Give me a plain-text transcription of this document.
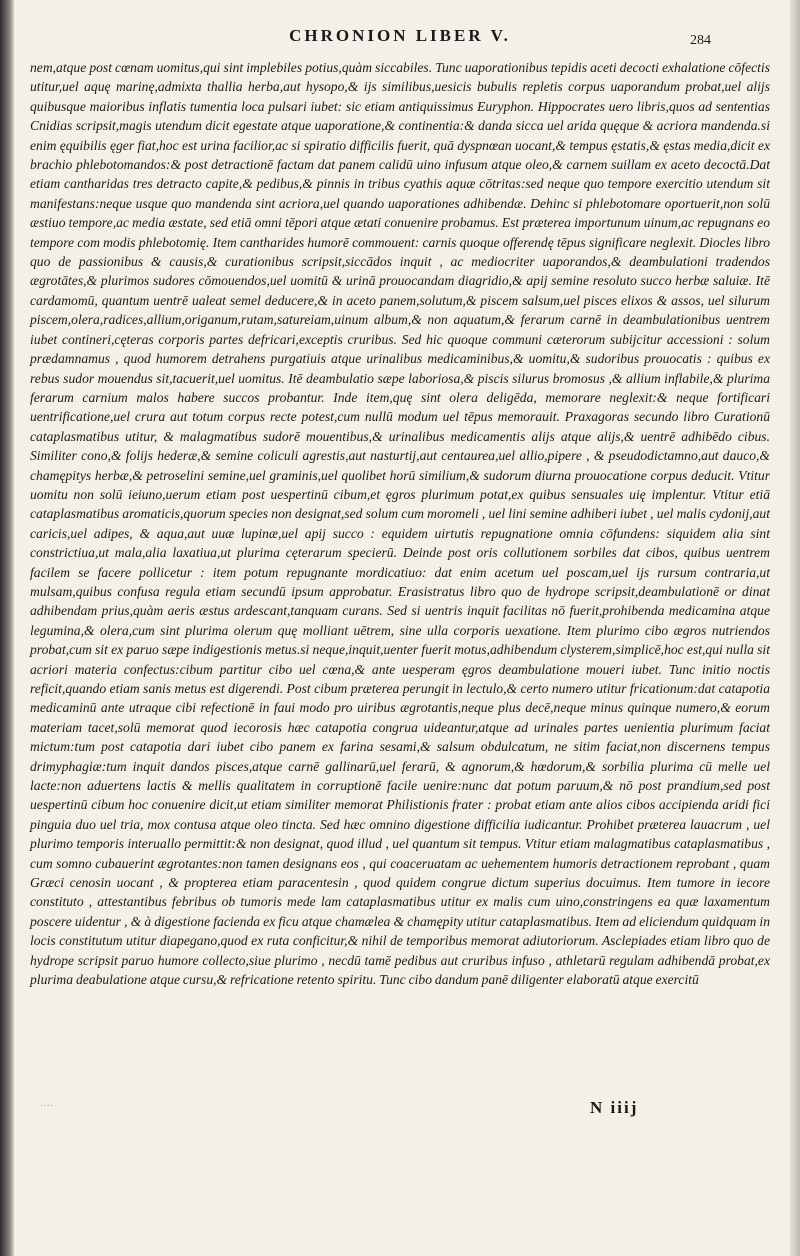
CHRONION LIBER V.	284
nem,atque post cœnam uomitus,qui sint implebiles potius,quàm siccabiles. Tunc uaporationibus tepidis aceti decocti exhalatione cōfectis utitur,uel aquę marinę,admixta thallia herba,aut hysopo,& ijs similibus,uesicis bubulis repletis corpus uaporandum probat,uel alijs quibusque maioribus inflatis tumentia loca pulsari iubet: sic etiam antiquissimus Euryphon. Hippocrates uero libris,quos ad sententias Cnidias scripsit,magis utendum dicit egestate atque uaporatione,& continentia:& danda sicca uel arida quęque & acriora mandenda.si enim ęquibilis ęger fiat,hoc est urina facilior,ac si spiratio difficilis fuerit, quā dyspnœan uocant,& tempus ęstatis,& ęstas media,dicit ex brachio phlebotomandos:& post detractionē factam dat panem calidū uino infusum atque oleo,& carnem suillam ex aceto decoctā.Dat etiam cantharidas tres detracto capite,& pedibus,& pinnis in tribus cyathis aquæ cōtritas:sed neque quo tempore exercitio utendum sit manifestans:neque usque quo mandenda sint acriora,uel quando uaporationes adhibendæ. Dehinc si phlebotomare oportuerit,non solū æstiuo tempore,ac media æstate, sed etiā omni tēpori atque ætati conuenire probamus. Est præterea importunum uinum,ac repugnans eo tempore com modis phlebotomię. Item cantharides humorē commouent: carnis quoque offerendę tēpus significare neglexit. Diocles libro quo de passionibus & causis,& curationibus scripsit,siccādos inquit , ac mediocriter uaporandos,& deambulationi tradendos ægrotātes,& plurimos sudores cōmouendos,uel uomitū & urinā prouocandam diagridio,& apij semine resoluto succo herbæ saluiæ. Itē cardamomū, quantum uentrē ualeat semel deducere,& in aceto panem,solutum,& piscem salsum,uel pisces elixos & assos, uel silurum piscem,olera,radices,allium,origanum,rutam,satureiam,uinum album,& non aquatum,& ferarum carnē in deambulationibus uentrem iubet contineri,cęteras corporis partes defricari,exceptis cruribus. Sed hic quoque communi cæterorum subijcitur accessioni : solum prædamnamus , quod humorem detrahens purgatiuis atque urinalibus medicaminibus,& uomitu,& sudoribus prouocatis : quibus ex rebus sudor mouendus sit,tacuerit,uel uomitus. Itē deambulatio sæpe laboriosa,& piscis silurus bromosus ,& allium inflabile,& plurima ferarum carnium malos habere succos probantur. Inde item,quę sint olera deligēda, memorare neglexit:& neque fortificari uentrificatione,uel crura aut totum corpus recte potest,cum nullū modum uel tēpus memorauit. Praxagoras secundo libro Curationū cataplasmatibus utitur, & malagmatibus sudorē mouentibus,& urinalibus medicamentis alijs atque alijs,& uentrē adhibēdo cibus. Similiter cono,& folijs hederæ,& semine coliculi agrestis,aut nasturtij,aut centaurea,uel allio,pipere , & pseudodictamno,aut dauco,& chamępitys herbæ,& petroselini semine,uel graminis,uel quolibet horū similium,& sudorum diurna prouocatione corpus deducit. Vtitur uomitu non solū ieiuno,uerum etiam post uespertinū cibum,et ęgros plurimum potat,ex quibus sensuales uię implentur. Vtitur etiā cataplasmatibus aromaticis,quorum species non designat,sed solum cum moromeli , uel lini semine adhiberi iubet , uel malis cydonij,aut caricis,uel adipes, & aqua,aut uuæ lupinæ,uel apij succo : equidem uirtutis repugnatione omnia cōfundens: siquidem alia sint constrictiua,ut mala,alia laxatiua,ut plurima cęterarum specierū. Deinde post oris collutionem sorbiles dat cibos, quibus uentrem facilem se facere pollicetur : item potum repugnante mordicatiuo: dat enim acetum uel poscam,uel ijs rursum contraria,ut mulsam,quibus confusa regula etiam secundū ipsum approbatur. Erasistratus libro quo de hydrope scripsit,deambulationē or dinat adhibendam prius,quàm aeris æstus ardescant,tanquam curans. Sed si uentris inquit facilitas nō fuerit,prohibenda medicamina atque leguminа,& olera,cum sint plurima olerum quę molliant uētrem, sine ulla corporis uexatione. Item plurimo cibo ægros nutriendos probat,cum sit ex paruo sæpe indigestionis metus.si neque,inquit,uenter fuerit motus,adhibendum clysterem,simplicē,hoc est,qui nulla sit acriori materia confectus:cibum partitur cibo uel cœna,& ante uesperam ęgros deambulatione moueri iubet. Tunc initio noctis reficit,quando etiam sanis metus est digerendi. Post cibum præterea perungit in lectulo,& certo numero utitur fricationum:dat catapotia medicaminū ante utraque cibi refectionē in faui modo pro uiribus ægrotantis,neque plus decē,neque minus quinque numero,& eorum materiam tacet,solū memorat quod iecorosis hæc catapotia congrua uideantur,atque ad urinales partes uenientia plurimum faciat mictum:tum post catapotia dari iubet cibo panem ex farina sesami,& salsum obdulcatum, ne sitim faciat,non discernens tempus drimyphagiæ:tum inquit dandos pisces,atque carnē gallinarū,uel ferarū, & agnorum,& hœdorum,& sorbilia plurima cū melle uel lacte:non aduertens lactis & mellis qualitatem in corruptionē facile uenire:nunc dat potum paruum,& nō post prandium,sed post uespertinū cibum hoc conuenire dicit,ut etiam similiter memorat Philistionis frater : probat etiam ante alios cibos accipienda aridi fici pinguia duo uel tria, mox contusa atque oleo tincta. Sed hæc omnino digestione difficilia iudicantur. Prohibet præterea lauacrum , uel plurimo temporis interuallo permittit:& non designat, quod illud , uel quantum sit tempus. Vtitur etiam malagmatibus cataplasmatibus , cum somno cubauerint ægrotantes:non tamen designans eos , qui coaceruatam ac uehementem humoris detractionem reprobant , quam Græci cenosin uocant , & propterea etiam paracentesin , quod quidem congrue dictum superius docuimus. Item tumore in iecore constituto , attestantibus febribus ob tumoris mede lam cataplasmatibus utitur ex malis cum uino,constringens ea quæ laxamentum poscere uidentur , & à digestione facienda ex ficu atque chamælea & chamępity utitur cataplasmatibus. Item ad eliciendum quidquam in locis constitutum utitur diapegano,quod ex ruta conficitur,& nihil de temporibus memorat adiutoriorum. Asclepiades etiam libro quo de hydrope scripsit paruo humore collecto,siue plurimo , necdū tamē pedibus aut cruribus infuso , athletarū regulam adhibendā probat,ex plurima deabulatione atque cursu,& refricatione retento spiritu. Tunc cibo dandum panē diligenter elaboratū atque exercitū
N iiij
‥‥
